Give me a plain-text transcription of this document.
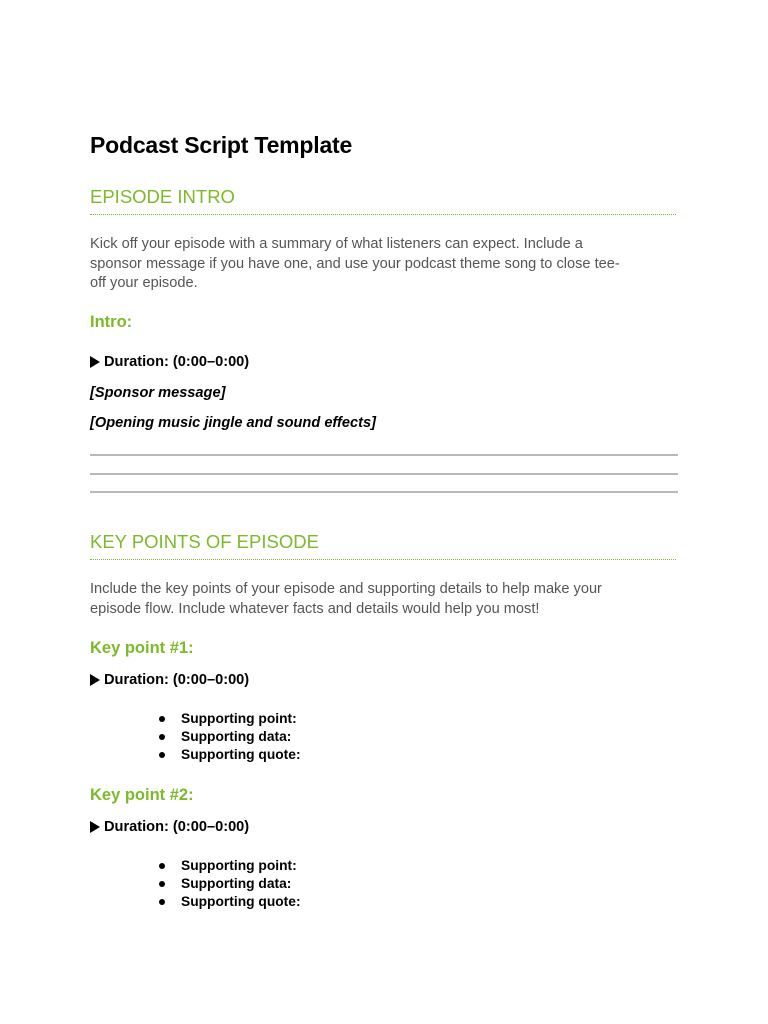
Podcast Script Template
EPISODE INTRO

Kick off your episode with a summary of what listeners can expect. Include a
sponsor message if you have one, and use your podcast theme song to close tee-
off your episode.

Intro:

Duration: (0:00–0:00)

[Sponsor message]

[Opening music jingle and sound effects]

KEY POINTS OF EPISODE

Include the key points of your episode and supporting details to help make your
episode flow. Include whatever facts and details would help you most!

Key point #1:

Duration: (0:00–0:00)

Supporting point:
Supporting data:
Supporting quote:
Key point #2:

Duration: (0:00–0:00)

Supporting point:
Supporting data:
Supporting quote:
